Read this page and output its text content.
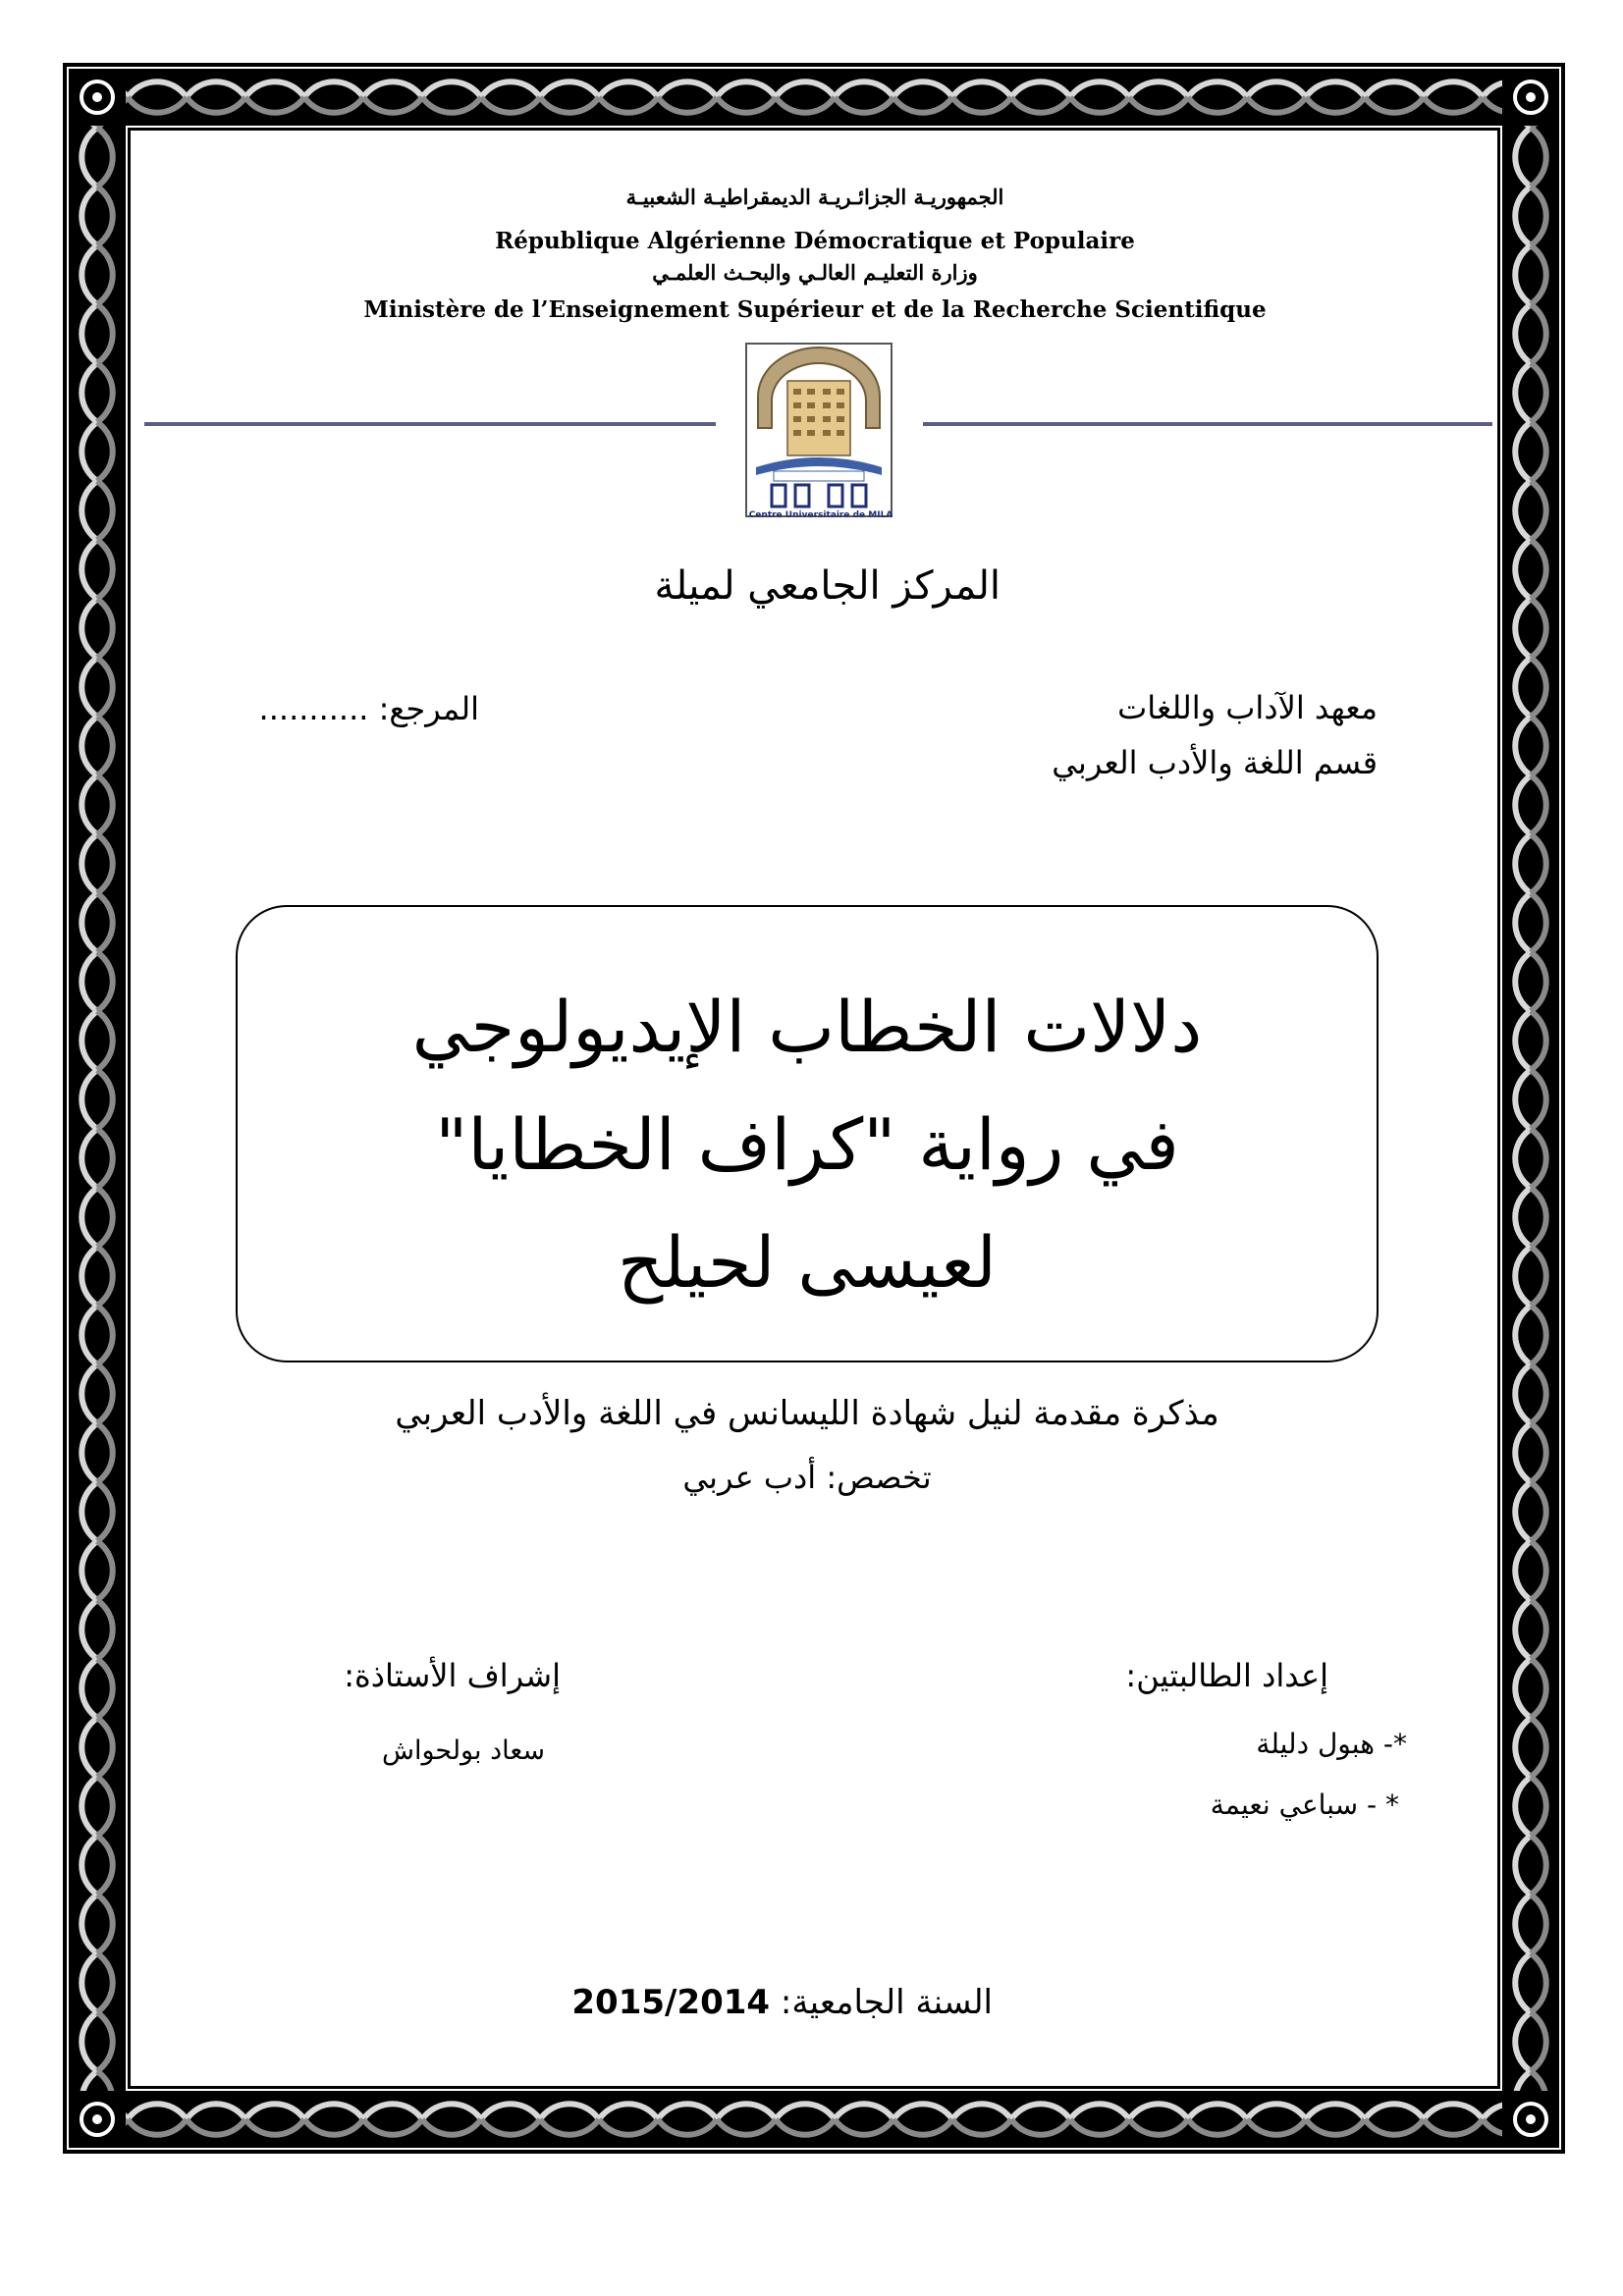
الجمهوريـة الجزائـريـة الديمقراطيـة الشعبيـة
République Algérienne Démocratique et Populaire
وزارة التعليـم العالـي والبحـث العلمـي
Ministère de l’Enseignement Supérieur et de la Recherche Scientifique
Centre Universitaire de MILA
المركز الجامعي لميلة
معهد الآداب واللغات
قسم اللغة والأدب العربي
المرجع: ...........
دلالات الخطاب الإيديولوجي
في رواية "كراف الخطايا"
لعيسى لحيلح
مذكرة مقدمة لنيل شهادة الليسانس في اللغة والأدب العربي
تخصص: أدب عربي
إعداد الطالبتين:
إشراف الأستاذة:
*- هبول دليلة
* - سباعي نعيمة
سعاد بولحواش
السنة الجامعية: 2015/2014
